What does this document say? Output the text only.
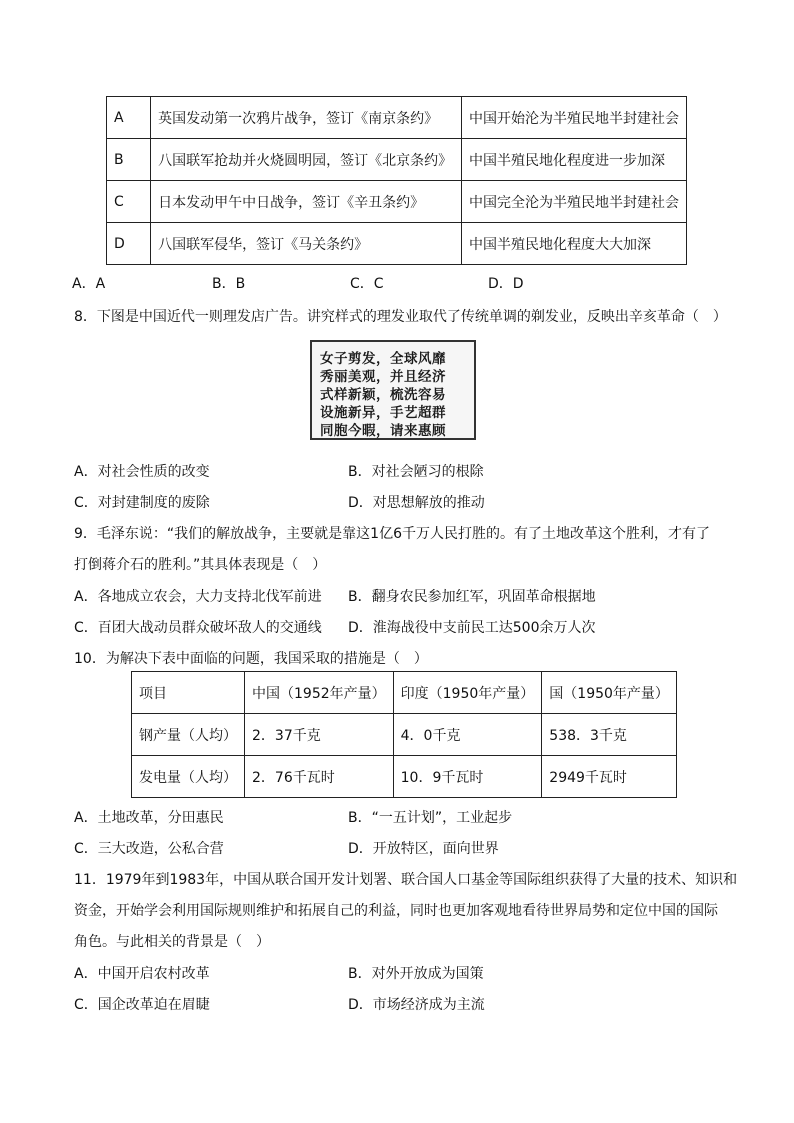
A	英国发动第一次鸦片战争，签订《南京条约》	中国开始沦为半殖民地半封建社会
B	八国联军抢劫并火烧圆明园，签订《北京条约》	中国半殖民地化程度进一步加深
C	日本发动甲午中日战争，签订《辛丑条约》	中国完全沦为半殖民地半封建社会
D	八国联军侵华，签订《马关条约》	中国半殖民地化程度大大加深
A．A	B．B	C．C	D．D
8．下图是中国近代一则理发店广告。讲究样式的理发业取代了传统单调的剃发业，反映出辛亥革命（　）
女子剪发，全球风靡
秀丽美观，并且经济
式样新颖，梳洗容易
设施新异，手艺超群
同胞今暇，请来惠顾
A．对社会性质的改变	B．对社会陋习的根除
C．对封建制度的废除	D．对思想解放的推动
9．毛泽东说：“我们的解放战争，主要就是靠这1亿6千万人民打胜的。有了土地改革这个胜利，才有了
打倒蒋介石的胜利。”其具体表现是（　）
A．各地成立农会，大力支持北伐军前进 B．翻身农民参加红军，巩固革命根据地
C．百团大战动员群众破坏敌人的交通线 D．淮海战役中支前民工达500余万人次
10．为解决下表中面临的问题，我国采取的措施是（　）
项目	中国（1952年产量）	印度（1950年产量）	国（1950年产量）
钢产量（人均）	2．37千克	4．0千克	538．3千克
发电量（人均）	2．76千瓦时	10．9千瓦时	2949千瓦时
A．土地改革，分田惠民	B．“一五计划”，工业起步
C．三大改造，公私合营	D．开放特区，面向世界
11．1979年到1983年，中国从联合国开发计划署、联合国人口基金等国际组织获得了大量的技术、知识和
资金，开始学会利用国际规则维护和拓展自己的利益，同时也更加客观地看待世界局势和定位中国的国际
角色。与此相关的背景是（　）
A．中国开启农村改革	B．对外开放成为国策
C．国企改革迫在眉睫	D．市场经济成为主流
